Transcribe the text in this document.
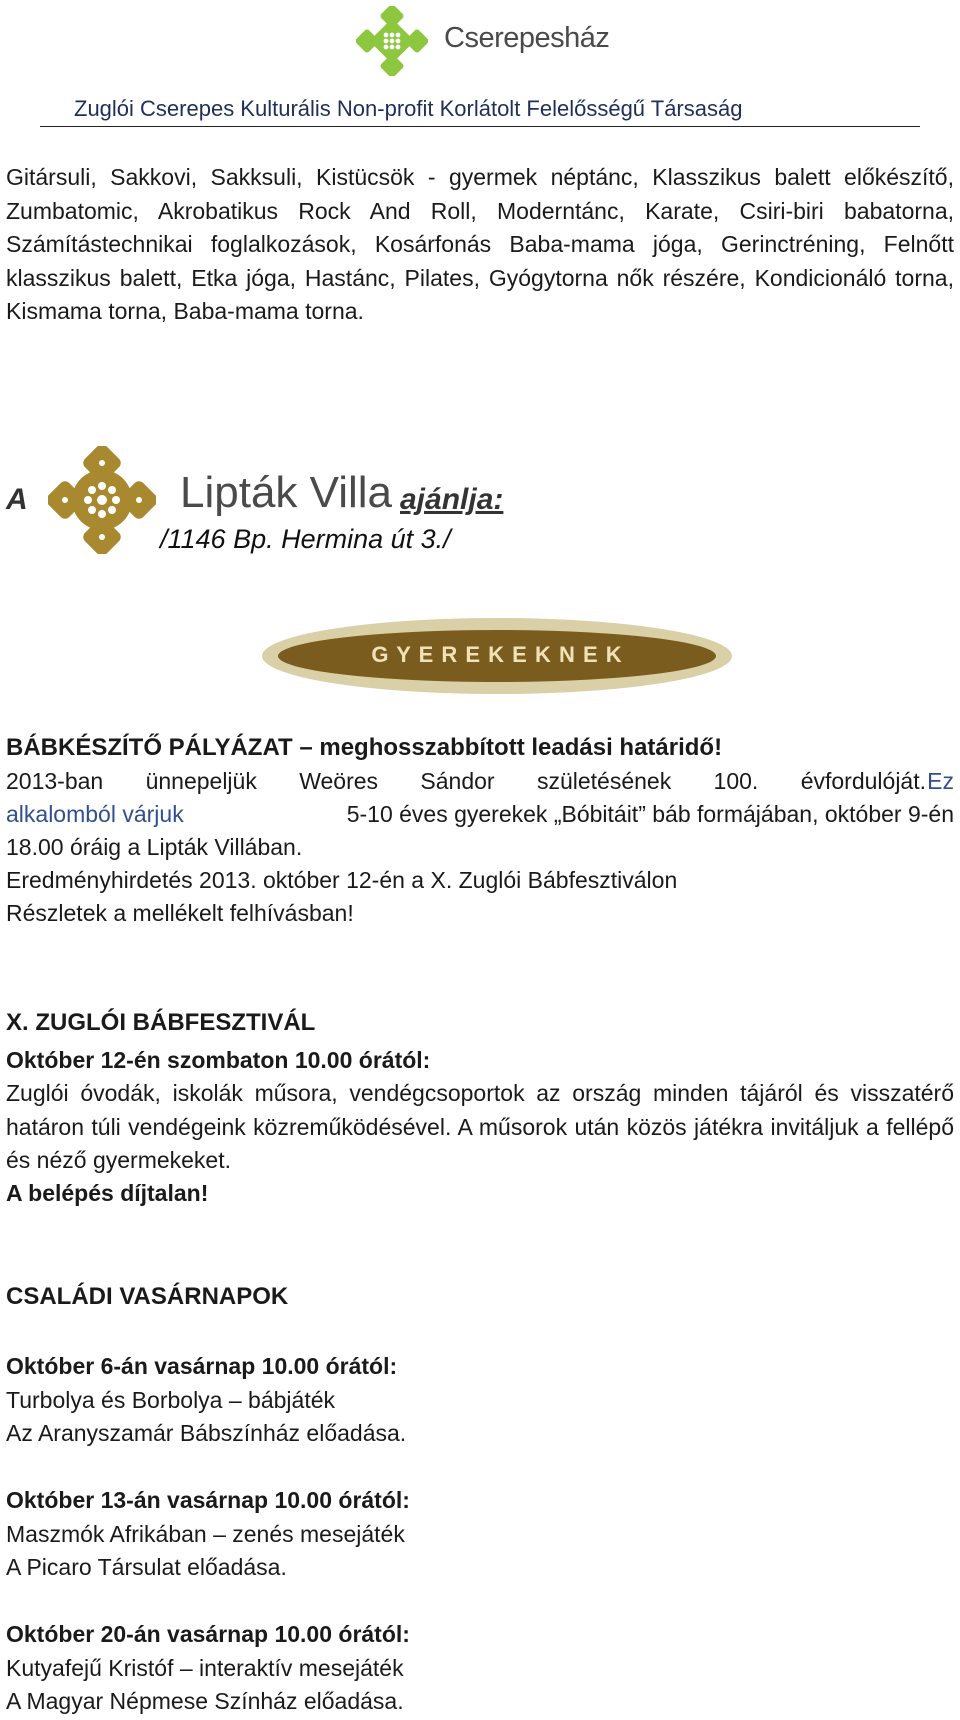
Cserepesház
Zuglói Cserepes Kulturális Non-profit Korlátolt Felelősségű Társaság
Gitársuli, Sakkovi, Sakksuli, Kistücsök - gyermek néptánc, Klasszikus balett előkészítő, Zumbatomic, Akrobatikus Rock And Roll, Moderntánc, Karate, Csiri-biri babatorna, Számítástechnikai foglalkozások, Kosárfonás Baba-mama jóga, Gerinctréning, Felnőtt klasszikus balett, Etka jóga, Hastánc, Pilates, Gyógytorna nők részére, Kondicionáló torna, Kismama torna, Baba-mama torna.
A	Lipták Villa ajánlja:
/1146 Bp. Hermina út 3./
G Y E R E K E K N E K
BÁBKÉSZÍTŐ PÁLYÁZAT – meghosszabbított leadási határidő!
2013-ban ünnepeljük Weöres Sándor születésének 100. évfordulóját. Ez
alkalomból várjuk	5-10 éves gyerekek „Bóbitáit” báb formájában, október 9-én
18.00 óráig a Lipták Villában.
Eredményhirdetés 2013. október 12-én a X. Zuglói Bábfesztiválon
Részletek a mellékelt felhívásban!
X. ZUGLÓI BÁBFESZTIVÁL
Október 12-én szombaton 10.00 órától:
Zuglói óvodák, iskolák műsora, vendégcsoportok az ország minden tájáról és visszatérő határon túli vendégeink közreműködésével. A műsorok után közös játékra invitáljuk a fellépő és néző gyermekeket.
A belépés díjtalan!
CSALÁDI VASÁRNAPOK
Október 6-án vasárnap 10.00 órától:
Turbolya és Borbolya – bábjáték
Az Aranyszamár Bábszínház előadása.
Október 13-án vasárnap 10.00 órától:
Maszmók Afrikában – zenés mesejáték
A Picaro Társulat előadása.
Október 20-án vasárnap 10.00 órától:
Kutyafejű Kristóf – interaktív mesejáték
A Magyar Népmese Színház előadása.
